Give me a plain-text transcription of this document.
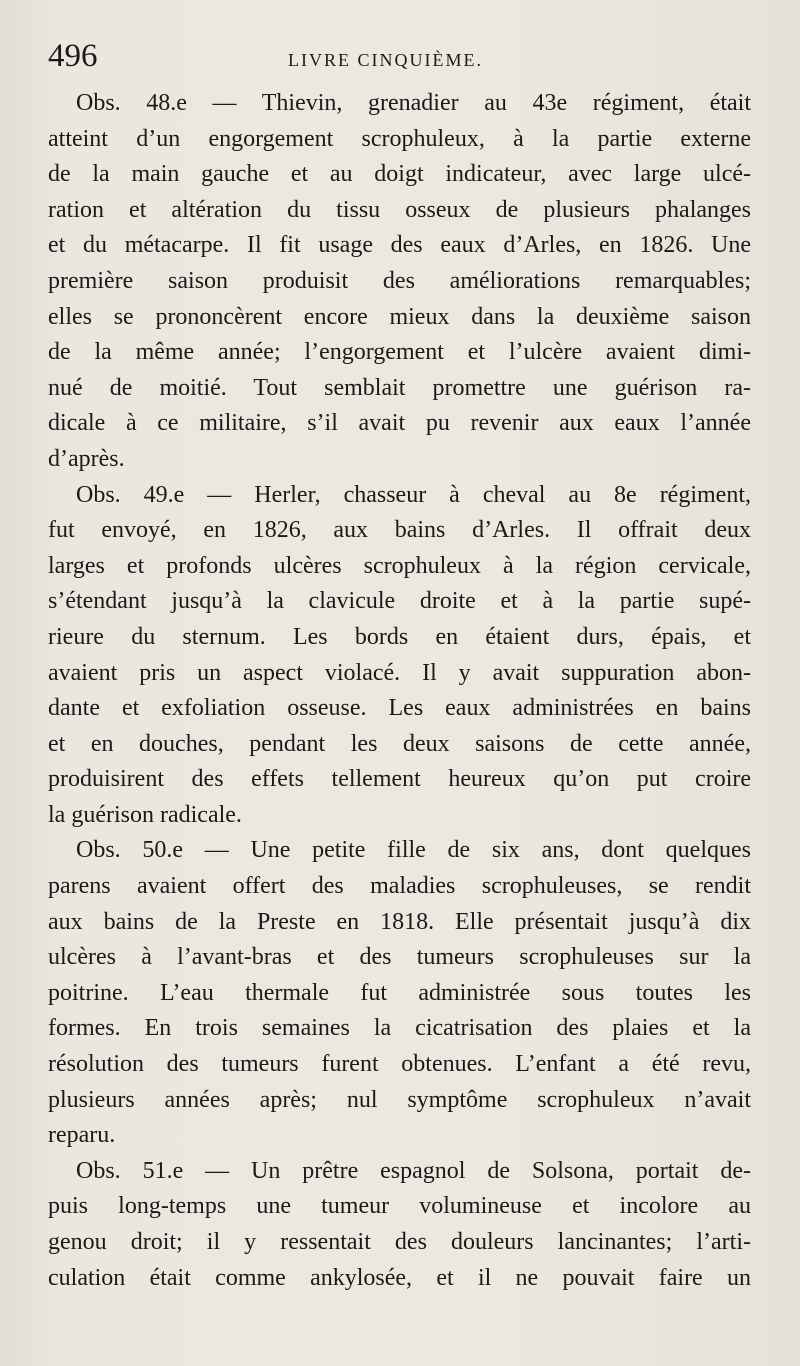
496	LIVRE CINQUIÈME.
Obs. 48.e — Thievin, grenadier au 43e régiment, était
atteint d’un engorgement scrophuleux, à la partie externe
de la main gauche et au doigt indicateur, avec large ulcé-
ration et altération du tissu osseux de plusieurs phalanges
et du métacarpe. Il fit usage des eaux d’Arles, en 1826. Une
première saison produisit des améliorations remarquables;
elles se prononcèrent encore mieux dans la deuxième saison
de la même année; l’engorgement et l’ulcère avaient dimi-
nué de moitié. Tout semblait promettre une guérison ra-
dicale à ce militaire, s’il avait pu revenir aux eaux l’année
d’après.
Obs. 49.e — Herler, chasseur à cheval au 8e régiment,
fut envoyé, en 1826, aux bains d’Arles. Il offrait deux
larges et profonds ulcères scrophuleux à la région cervicale,
s’étendant jusqu’à la clavicule droite et à la partie supé-
rieure du sternum. Les bords en étaient durs, épais, et
avaient pris un aspect violacé. Il y avait suppuration abon-
dante et exfoliation osseuse. Les eaux administrées en bains
et en douches, pendant les deux saisons de cette année,
produisirent des effets tellement heureux qu’on put croire
la guérison radicale.
Obs. 50.e — Une petite fille de six ans, dont quelques
parens avaient offert des maladies scrophuleuses, se rendit
aux bains de la Preste en 1818. Elle présentait jusqu’à dix
ulcères à l’avant-bras et des tumeurs scrophuleuses sur la
poitrine. L’eau thermale fut administrée sous toutes les
formes. En trois semaines la cicatrisation des plaies et la
résolution des tumeurs furent obtenues. L’enfant a été revu,
plusieurs années après; nul symptôme scrophuleux n’avait
reparu.
Obs. 51.e — Un prêtre espagnol de Solsona, portait de-
puis long-temps une tumeur volumineuse et incolore au
genou droit; il y ressentait des douleurs lancinantes; l’arti-
culation était comme ankylosée, et il ne pouvait faire un
